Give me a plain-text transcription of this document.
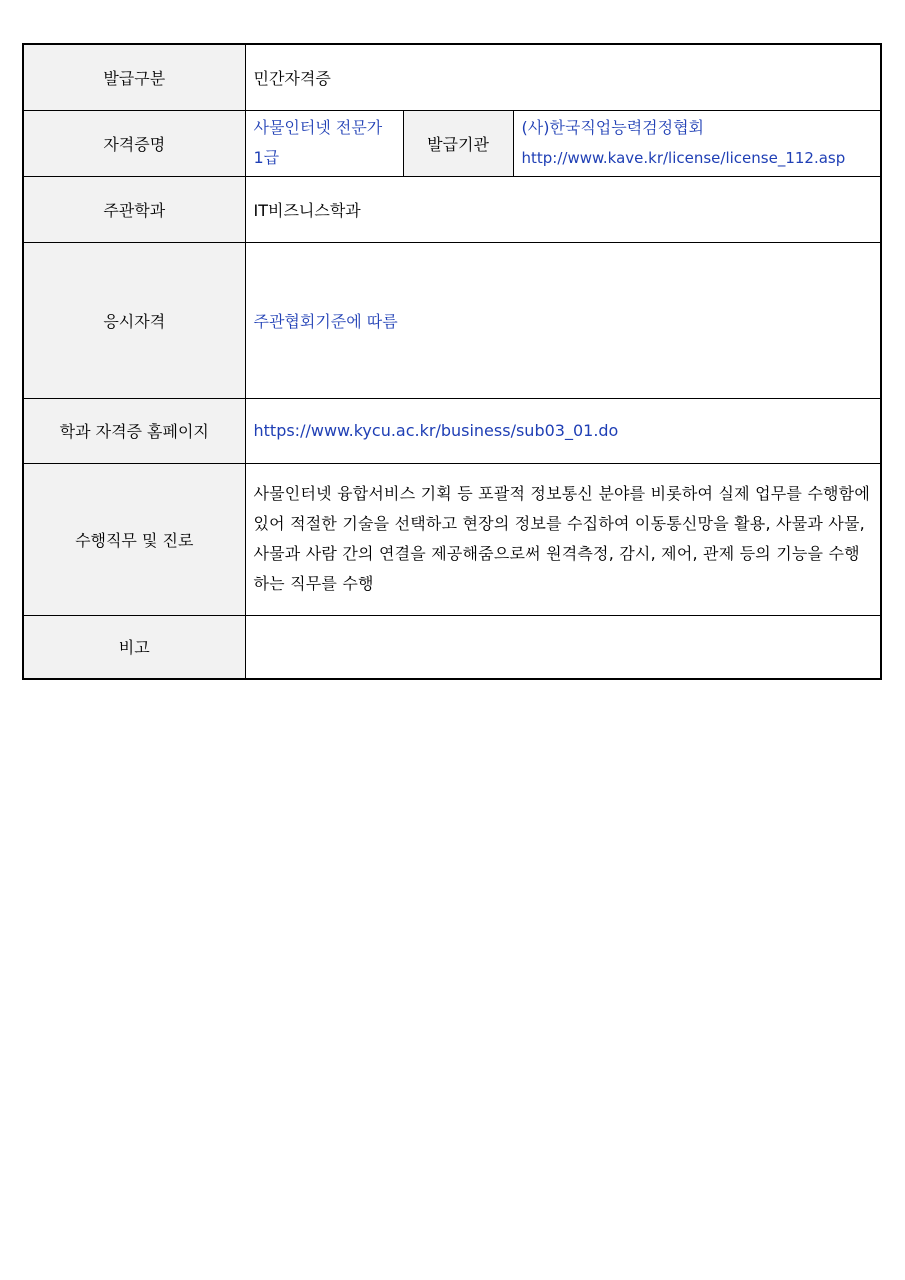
발급구분	민간자격증		
자격증명	사물인터넷 전문가 1급	발급기관	(사)한국직업능력검정협회
http://www.kave.kr/license/license_112.asp

주관학과	IT비즈니스학과		
응시자격	주관협회기준에 따름		
학과 자격증 홈페이지	https://www.kycu.ac.kr/business/sub03_01.do		
수행직무 및 진로	사물인터넷 융합서비스 기획 등 포괄적 정보통신 분야를 비롯하여 실제 업무를 수행함에 있어 적절한 기술을 선택하고 현장의 정보를 수집하여 이동통신망을 활용, 사물과 사물, 사물과 사람 간의 연결을 제공해줌으로써 원격측정, 감시, 제어, 관제 등의 기능을 수행하는 직무를 수행		
비고			
